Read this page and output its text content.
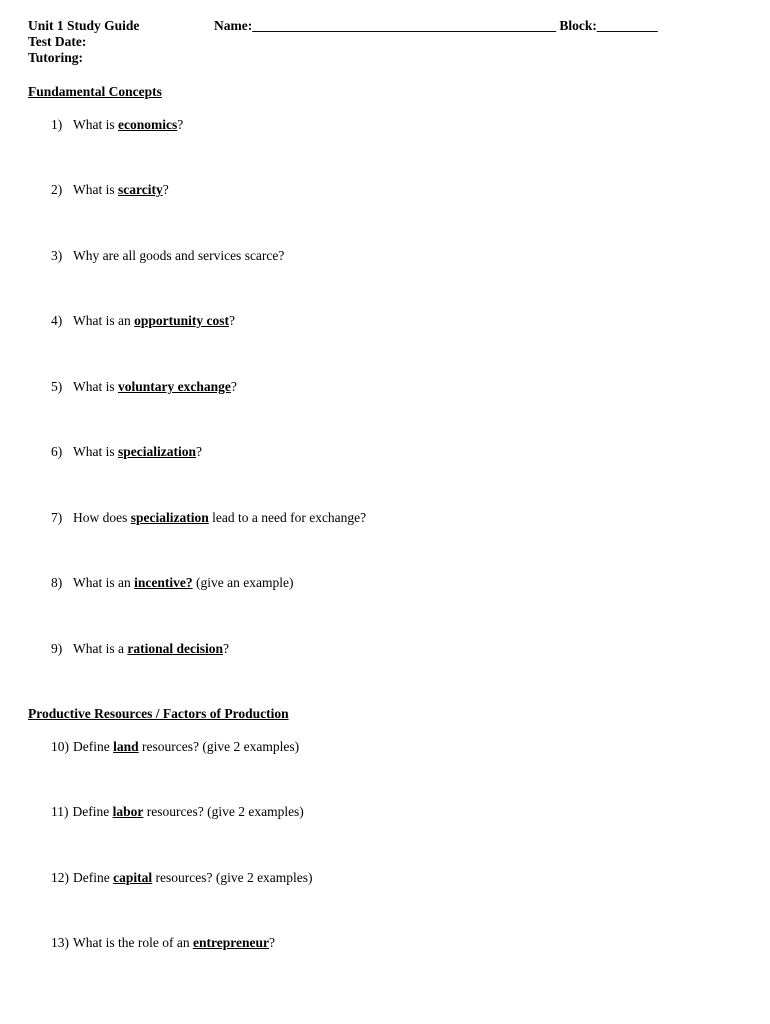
Unit 1 Study Guide	Name:_____________________________________________ Block:_________
Test Date:
Tutoring:
Fundamental Concepts
1) What is economics?
2) What is scarcity?
3) Why are all goods and services scarce?
4) What is an opportunity cost?
5) What is voluntary exchange?
6) What is specialization?
7) How does specialization lead to a need for exchange?
8) What is an incentive? (give an example)
9) What is a rational decision?
Productive Resources / Factors of Production
10) Define land resources? (give 2 examples)
11) Define labor resources? (give 2 examples)
12) Define capital resources? (give 2 examples)
13) What is the role of an entrepreneur?
